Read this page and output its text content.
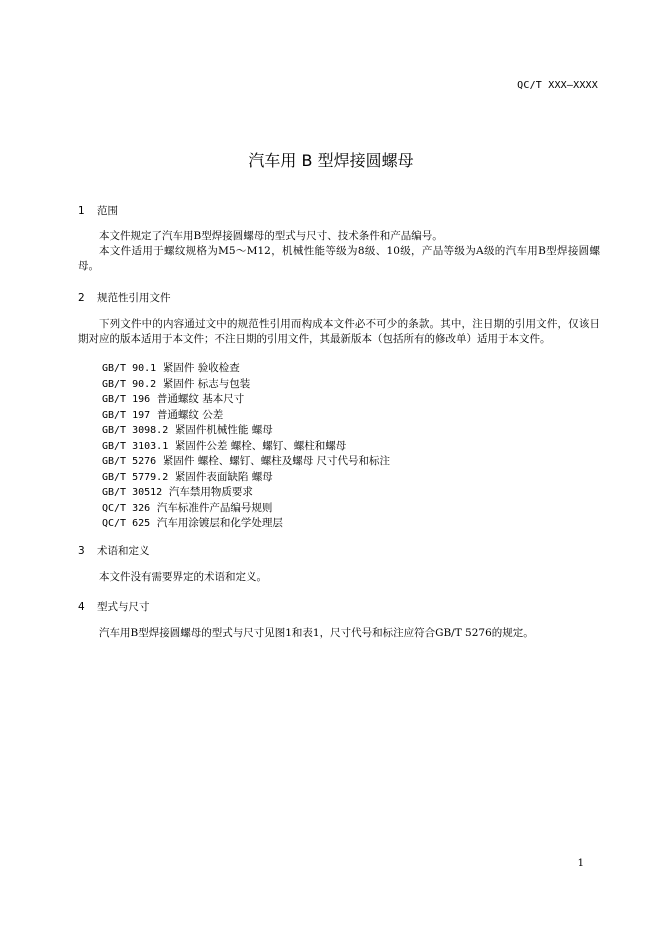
QC/T XXX—XXXX
汽车用 B 型焊接圆螺母
1 范围

本文件规定了汽车用B型焊接圆螺母的型式与尺寸、技术条件和产品编号。

本文件适用于螺纹规格为M5～M12，机械性能等级为8级、10级，产品等级为A级的汽车用B型焊接圆螺母。

2 规范性引用文件

下列文件中的内容通过文中的规范性引用而构成本文件必不可少的条款。其中，注日期的引用文件，仅该日期对应的版本适用于本文件；不注日期的引用文件，其最新版本（包括所有的修改单）适用于本文件。

GB/T 90.1 紧固件 验收检查
GB/T 90.2 紧固件 标志与包装
GB/T 196 普通螺纹 基本尺寸
GB/T 197 普通螺纹 公差
GB/T 3098.2 紧固件机械性能 螺母
GB/T 3103.1 紧固件公差 螺栓、螺钉、螺柱和螺母
GB/T 5276 紧固件 螺栓、螺钉、螺柱及螺母 尺寸代号和标注
GB/T 5779.2 紧固件表面缺陷 螺母
GB/T 30512 汽车禁用物质要求
QC/T 326 汽车标准件产品编号规则
QC/T 625 汽车用涂镀层和化学处理层
3 术语和定义

本文件没有需要界定的术语和定义。

4 型式与尺寸

汽车用B型焊接圆螺母的型式与尺寸见图1和表1，尺寸代号和标注应符合GB/T 5276的规定。

1
